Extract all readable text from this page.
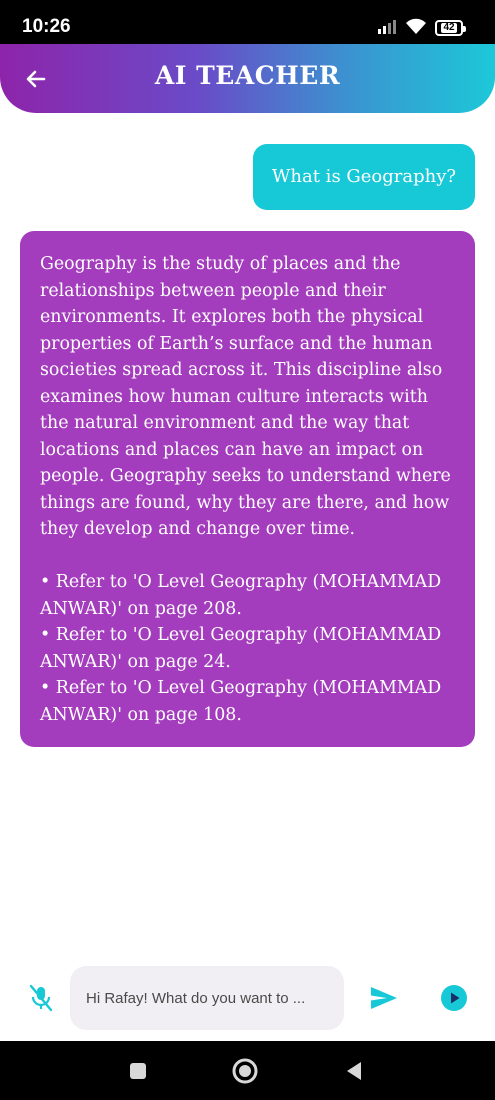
10:26	42
AI TEACHER
What is Geography?
Geography is the study of places and the relationships between people and their environments. It explores both the physical properties of Earth’s surface and the human societies spread across it. This discipline also examines how human culture interacts with the natural environment and the way that locations and places can have an impact on people. Geography seeks to understand where things are found, why they are there, and how they develop and change over time.
• Refer to 'O Level Geography (MOHAMMAD ANWAR)' on page 208.
• Refer to 'O Level Geography (MOHAMMAD ANWAR)' on page 24.
• Refer to 'O Level Geography (MOHAMMAD ANWAR)' on page 108.
Hi Rafay! What do you want to ...
